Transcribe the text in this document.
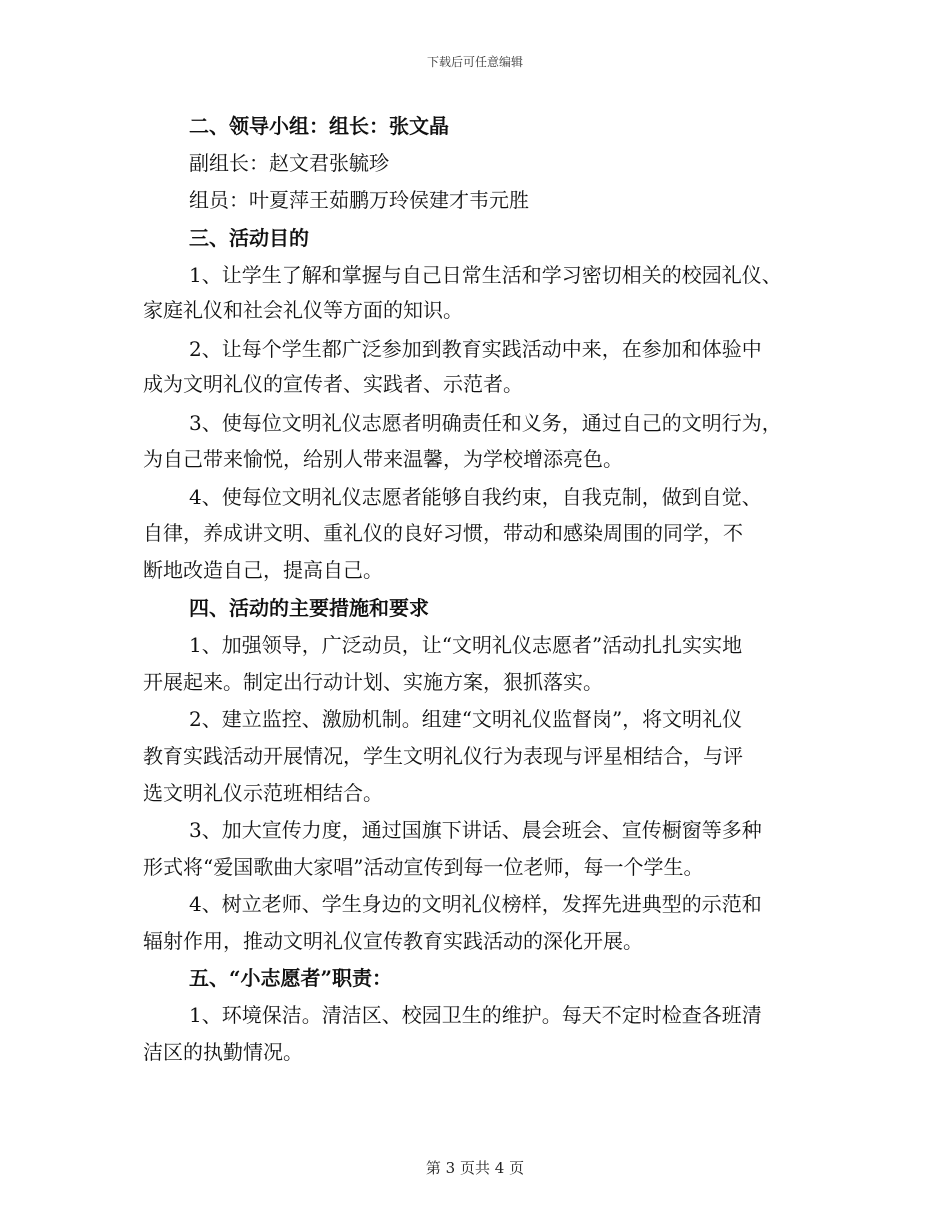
下载后可任意编辑
二、领导小组：组长：张文晶
副组长：赵文君张毓珍
组员：叶夏萍王茹鹏万玲侯建才韦元胜
三、活动目的
1、让学生了解和掌握与自己日常生活和学习密切相关的校园礼仪、
家庭礼仪和社会礼仪等方面的知识。
2、让每个学生都广泛参加到教育实践活动中来，在参加和体验中
成为文明礼仪的宣传者、实践者、示范者。
3、使每位文明礼仪志愿者明确责任和义务，通过自己的文明行为，
为自己带来愉悦，给别人带来温馨，为学校增添亮色。
4、使每位文明礼仪志愿者能够自我约束，自我克制，做到自觉、
自律，养成讲文明、重礼仪的良好习惯，带动和感染周围的同学，不
断地改造自己，提高自己。
四、活动的主要措施和要求
1、加强领导，广泛动员，让“文明礼仪志愿者”活动扎扎实实地
开展起来。制定出行动计划、实施方案，狠抓落实。
2、建立监控、激励机制。组建“文明礼仪监督岗”，将文明礼仪
教育实践活动开展情况，学生文明礼仪行为表现与评星相结合，与评
选文明礼仪示范班相结合。
3、加大宣传力度，通过国旗下讲话、晨会班会、宣传橱窗等多种
形式将“爱国歌曲大家唱”活动宣传到每一位老师，每一个学生。
4、树立老师、学生身边的文明礼仪榜样，发挥先进典型的示范和
辐射作用，推动文明礼仪宣传教育实践活动的深化开展。
五、“小志愿者”职责：
1、环境保洁。清洁区、校园卫生的维护。每天不定时检查各班清
洁区的执勤情况。
第 3 页共 4 页
